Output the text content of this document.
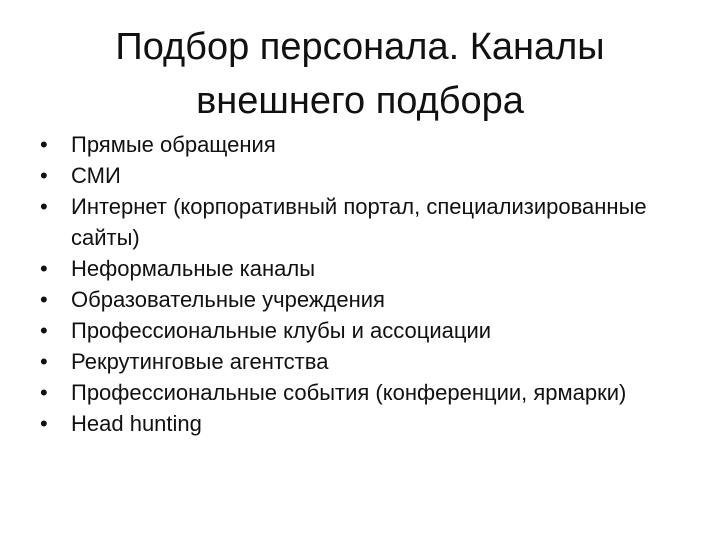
Подбор персонала. Каналы
внешнего подбора
•	Прямые обращения
•	СМИ
•	Интернет (корпоративный портал, специализированные сайты)
•	Неформальные каналы
•	Образовательные учреждения
•	Профессиональные клубы и ассоциации
•	Рекрутинговые агентства
•	Профессиональные события (конференции, ярмарки)
•	Head hunting
